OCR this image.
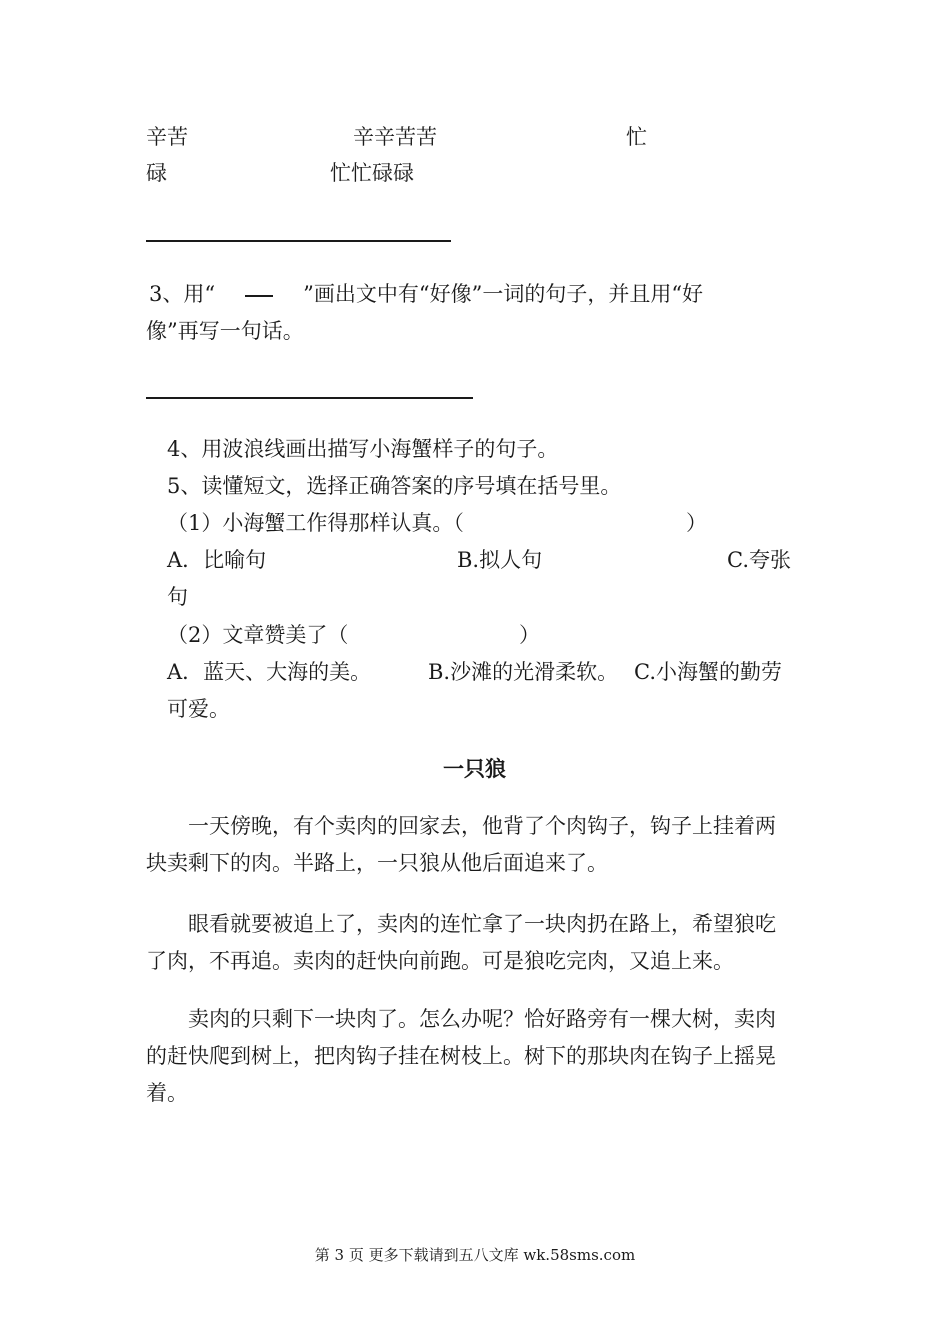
辛苦	辛辛苦苦	忙
碌	忙忙碌碌
3、用“	”画出文中有“好像”一词的句子，并且用“好
像”再写一句话。
4、用波浪线画出描写小海蟹样子的句子。
5、读懂短文，选择正确答案的序号填在括号里。
（1）小海蟹工作得那样认真。（	）
A．比喻句	B.拟人句	C.夸张
句
（2）文章赞美了（	）
A．蓝天、大海的美。	B.沙滩的光滑柔软。 C.小海蟹的勤劳
可爱。
一只狼

一天傍晚，有个卖肉的回家去，他背了个肉钩子，钩子上挂着两块卖剩下的肉。半路上，一只狼从他后面追来了。

眼看就要被追上了，卖肉的连忙拿了一块肉扔在路上，希望狼吃了肉，不再追。卖肉的赶快向前跑。可是狼吃完肉，又追上来。

卖肉的只剩下一块肉了。怎么办呢？恰好路旁有一棵大树，卖肉的赶快爬到树上，把肉钩子挂在树枝上。树下的那块肉在钩子上摇晃着。

第 3 页 更多下载请到五八文库 wk.58sms.com
